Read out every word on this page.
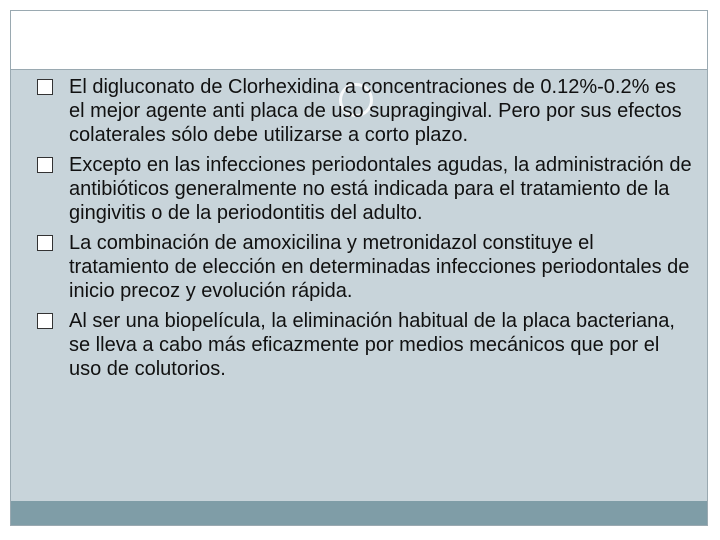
El digluconato de Clorhexidina a concentraciones de 0.12%-0.2% es el mejor agente anti placa de uso supragingival. Pero por sus efectos colaterales sólo debe utilizarse a corto plazo.
Excepto en las infecciones periodontales agudas, la administración de antibióticos generalmente no está indicada para el tratamiento de la gingivitis o de la periodontitis del adulto.
La combinación de amoxicilina y metronidazol constituye el tratamiento de elección en determinadas infecciones periodontales de inicio precoz y evolución rápida.
Al ser una biopelícula, la eliminación habitual de la placa bacteriana, se lleva a cabo más eficazmente por medios mecánicos que por el uso de colutorios.
